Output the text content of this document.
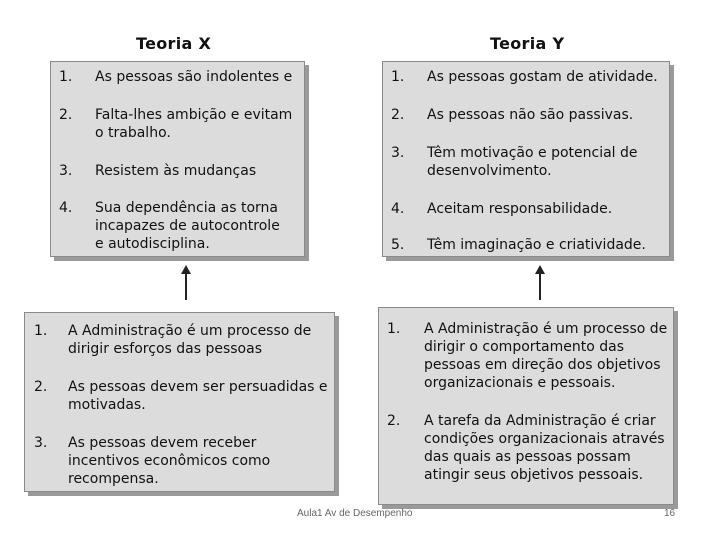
Teoria X	Teoria Y
1. As pessoas são indolentes e
2. Falta-lhes ambição e evitam o trabalho.
3. Resistem às mudanças
4. Sua dependência as torna incapazes de autocontrole e autodisciplina.
1. As pessoas gostam de atividade.
2. As pessoas não são passivas.
3. Têm motivação e potencial de desenvolvimento.
4. Aceitam responsabilidade.
5. Têm imaginação e criatividade.
1. A Administração é um processo de dirigir esforços das pessoas
2. As pessoas devem ser persuadidas e motivadas.
3. As pessoas devem receber incentivos econômicos como recompensa.
1. A Administração é um processo de dirigir o comportamento das pessoas em direção dos objetivos organizacionais e pessoais.
2. A tarefa da Administração é criar condições organizacionais através das quais as pessoas possam atingir seus objetivos pessoais.
Aula1 Av de Desempenho	16
